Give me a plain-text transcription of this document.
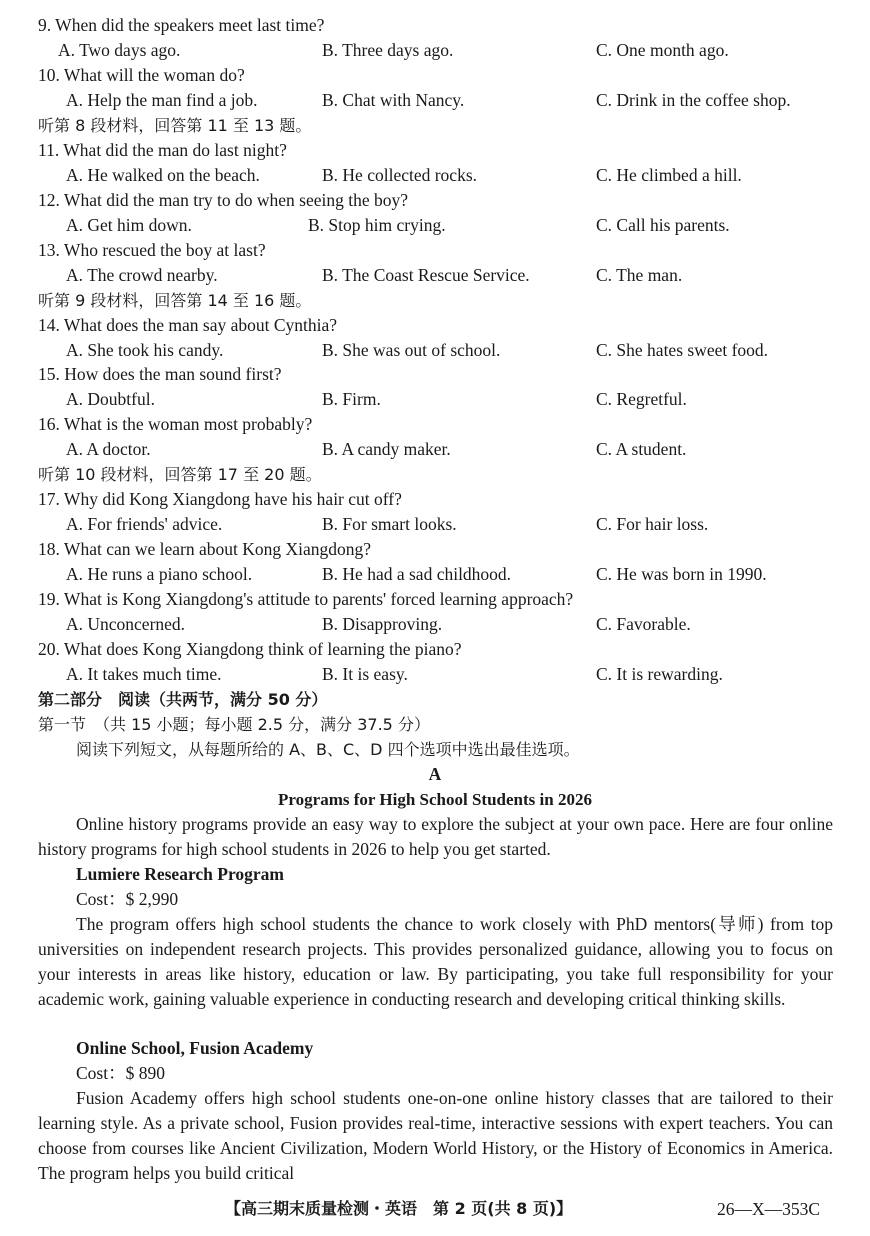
9. When did the speakers meet last time?
A. Two days ago.	B. Three days ago.	C. One month ago.
10. What will the woman do?
A. Help the man find a job.	B. Chat with Nancy.	C. Drink in the coffee shop.
听第 8 段材料，回答第 11 至 13 题。
11. What did the man do last night?
A. He walked on the beach.	B. He collected rocks.	C. He climbed a hill.
12. What did the man try to do when seeing the boy?
A. Get him down.	B. Stop him crying.	C. Call his parents.
13. Who rescued the boy at last?
A. The crowd nearby.	B. The Coast Rescue Service.	C. The man.
听第 9 段材料，回答第 14 至 16 题。
14. What does the man say about Cynthia?
A. She took his candy.	B. She was out of school.	C. She hates sweet food.
15. How does the man sound first?
A. Doubtful.	B. Firm.	C. Regretful.
16. What is the woman most probably?
A. A doctor.	B. A candy maker.	C. A student.
听第 10 段材料，回答第 17 至 20 题。
17. Why did Kong Xiangdong have his hair cut off?
A. For friends' advice.	B. For smart looks.	C. For hair loss.
18. What can we learn about Kong Xiangdong?
A. He runs a piano school.	B. He had a sad childhood.	C. He was born in 1990.
19. What is Kong Xiangdong's attitude to parents' forced learning approach?
A. Unconcerned.	B. Disapproving.	C. Favorable.
20. What does Kong Xiangdong think of learning the piano?
A. It takes much time.	B. It is easy.	C. It is rewarding.
第二部分　阅读（共两节，满分 50 分）
第一节　（共 15 小题；每小题 2.5 分，满分 37.5 分）
阅读下列短文，从每题所给的 A、B、C、D 四个选项中选出最佳选项。
A
Programs for High School Students in 2026
Online history programs provide an easy way to explore the subject at your own pace. Here are four online history programs for high school students in 2026 to help you get started.
Lumiere Research Program
Cost：$ 2,990
The program offers high school students the chance to work closely with PhD mentors(导师) from top universities on independent research projects. This provides personalized guidance, allowing you to focus on your interests in areas like history, education or law. By participating, you take full responsibility for your academic work, gaining valuable experience in conducting research and developing critical thinking skills.
Online School, Fusion Academy
Cost：$ 890
Fusion Academy offers high school students one-on-one online history classes that are tailored to their learning style. As a private school, Fusion provides real-time, interactive sessions with expert teachers. You can choose from courses like Ancient Civilization, Modern World History, or the History of Economics in America. The program helps you build critical
【高三期末质量检测・英语　第 2 页(共 8 页)】	26—X—353C
